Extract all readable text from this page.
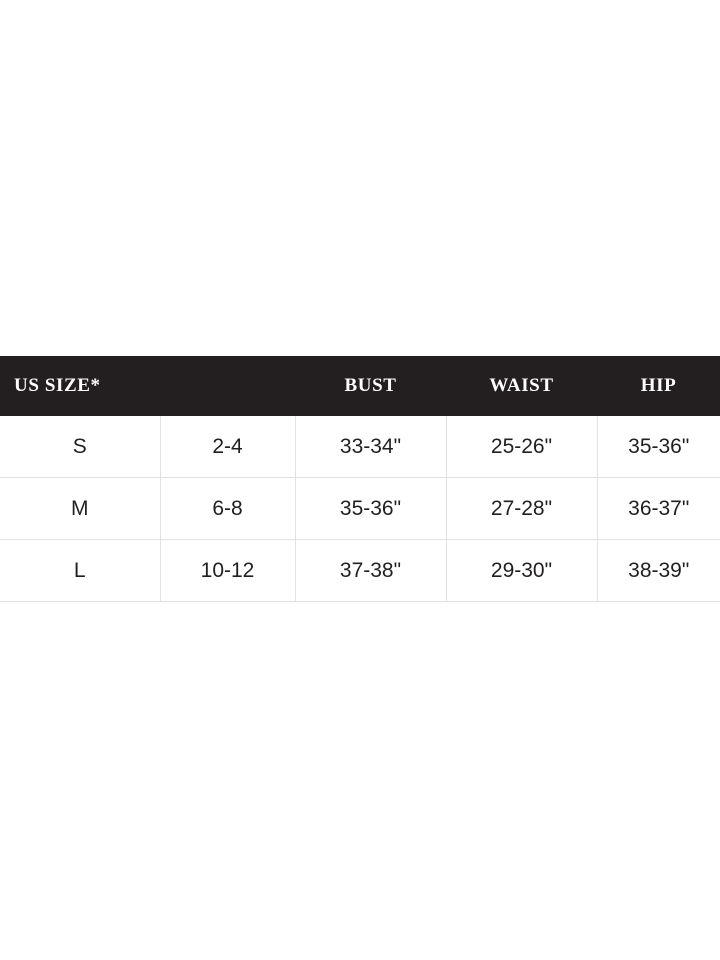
US SIZE*		BUST	WAIST	HIP
S	2-4	33-34"	25-26"	35-36"
M	6-8	35-36"	27-28"	36-37"
L	10-12	37-38"	29-30"	38-39"
